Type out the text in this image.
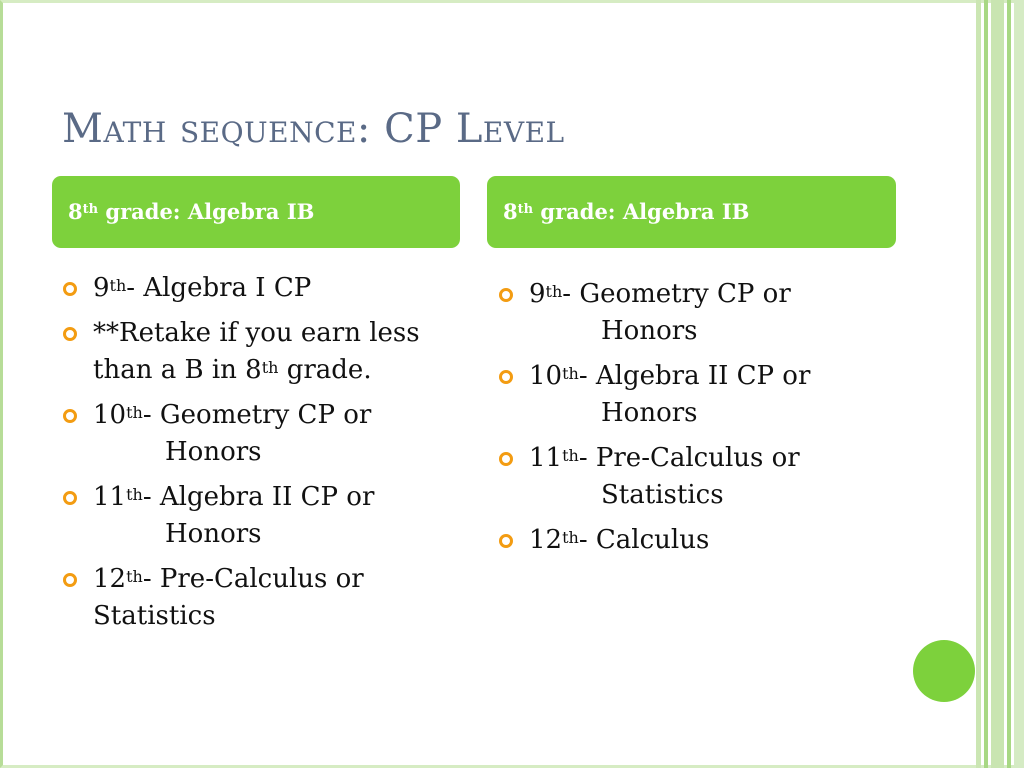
Math sequence: CP Level
8th grade: Algebra IB	8th grade: Algebra IB
9th- Algebra I CP
**Retake if you earn less than a B in 8th grade.
10th- Geometry CP or
Honors
11th- Algebra II CP or
Honors
12th- Pre-Calculus or Statistics
9th- Geometry CP or
Honors
10th- Algebra II CP or
Honors
11th- Pre-Calculus or
Statistics
12th- Calculus
